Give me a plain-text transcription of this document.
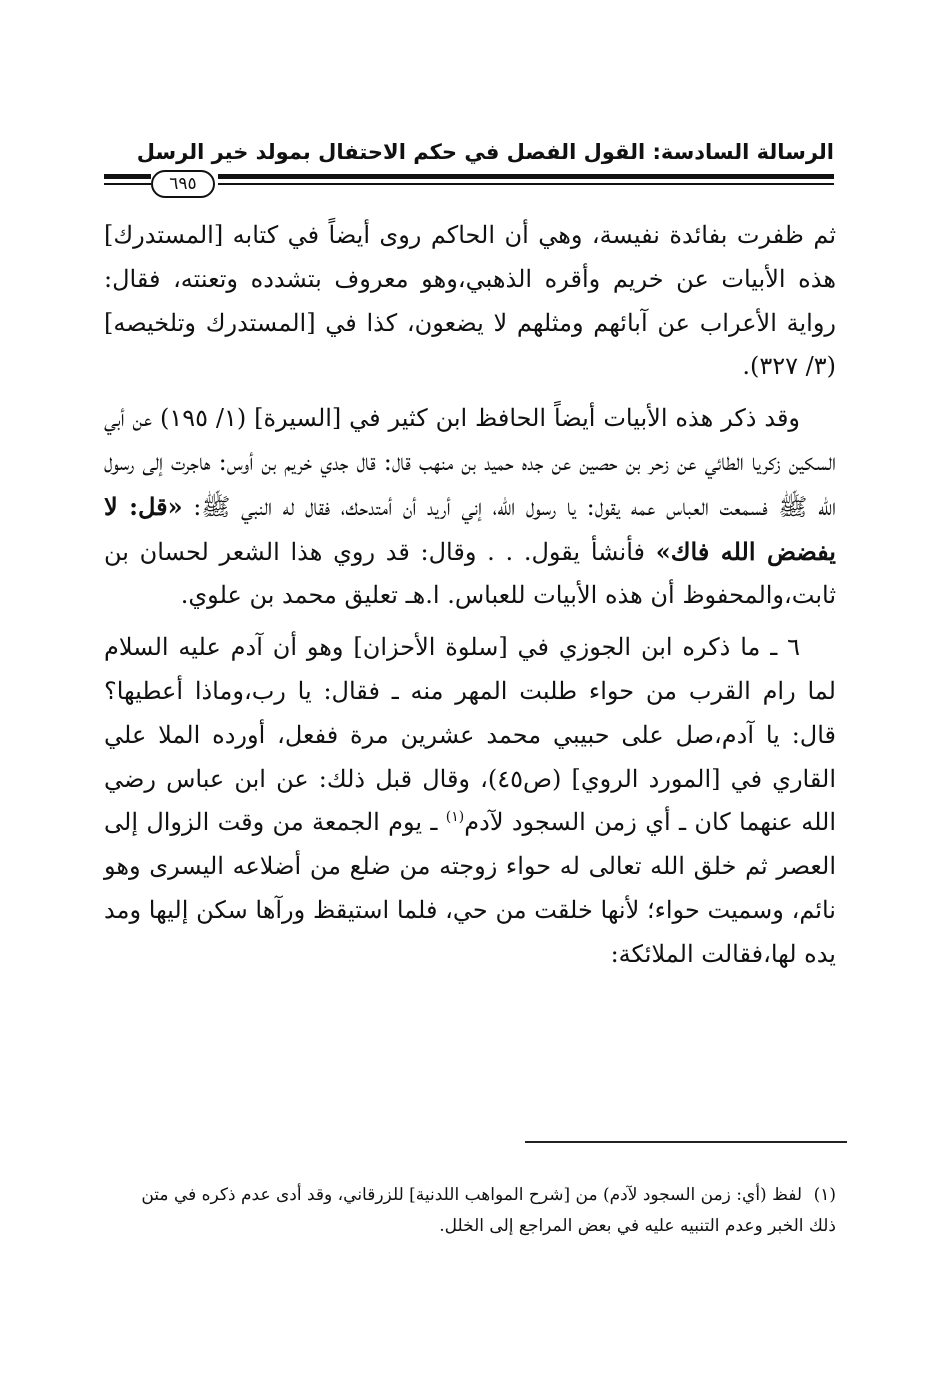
الرسالة السادسة: القول الفصل في حكم الاحتفال بمولد خير الرسل
٦٩٥

ثم ظفرت بفائدة نفيسة، وهي أن الحاكم روى أيضاً في كتابه [المستدرك] هذه الأبيات عن خريم وأقره الذهبي،وهو معروف بتشدده وتعنته، فقال: رواية الأعراب عن آبائهم ومثلهم لا يضعون، كذا في [المستدرك وتلخيصه] (٣/ ٣٢٧).

وقد ذكر هذه الأبيات أيضاً الحافظ ابن كثير في [السيرة] (١/ ١٩٥) عن أبي السكين زكريا الطائي عن زحر بن حصين عن جده حميد بن منهب قال: قال جدي خريم بن أوس: هاجرت إلى رسول الله ﷺ فسمعت العباس عمه يقول: يا رسول الله، إني أريد أن أمتدحك، فقال له النبي ﷺ: «قل: لا يفضض الله فاك» فأنشأ يقول. . . وقال: قد روي هذا الشعر لحسان بن ثابت،والمحفوظ أن هذه الأبيات للعباس. ا.هـ تعليق محمد بن علوي.

٦ ـ ما ذكره ابن الجوزي في [سلوة الأحزان] وهو أن آدم عليه السلام لما رام القرب من حواء طلبت المهر منه ـ فقال: يا رب،وماذا أعطيها؟ قال: يا آدم،صل على حبيبي محمد عشرين مرة ففعل، أورده الملا علي القاري في [المورد الروي] (ص٤٥)، وقال قبل ذلك: عن ابن عباس رضي الله عنهما كان ـ أي زمن السجود لآدم$^{(١)}$ ـ يوم الجمعة من وقت الزوال إلى العصر ثم خلق الله تعالى له حواء زوجته من ضلع من أضلاعه اليسرى وهو نائم، وسميت حواء؛ لأنها خلقت من حي، فلما استيقظ ورآها سكن إليها ومد يده لها،فقالت الملائكة:

(١)لفظ (أي: زمن السجود لآدم) من [شرح المواهب اللدنية] للزرقاني، وقد أدى عدم ذكره في متن ذلك الخبر وعدم التنبيه عليه في بعض المراجع إلى الخلل.
